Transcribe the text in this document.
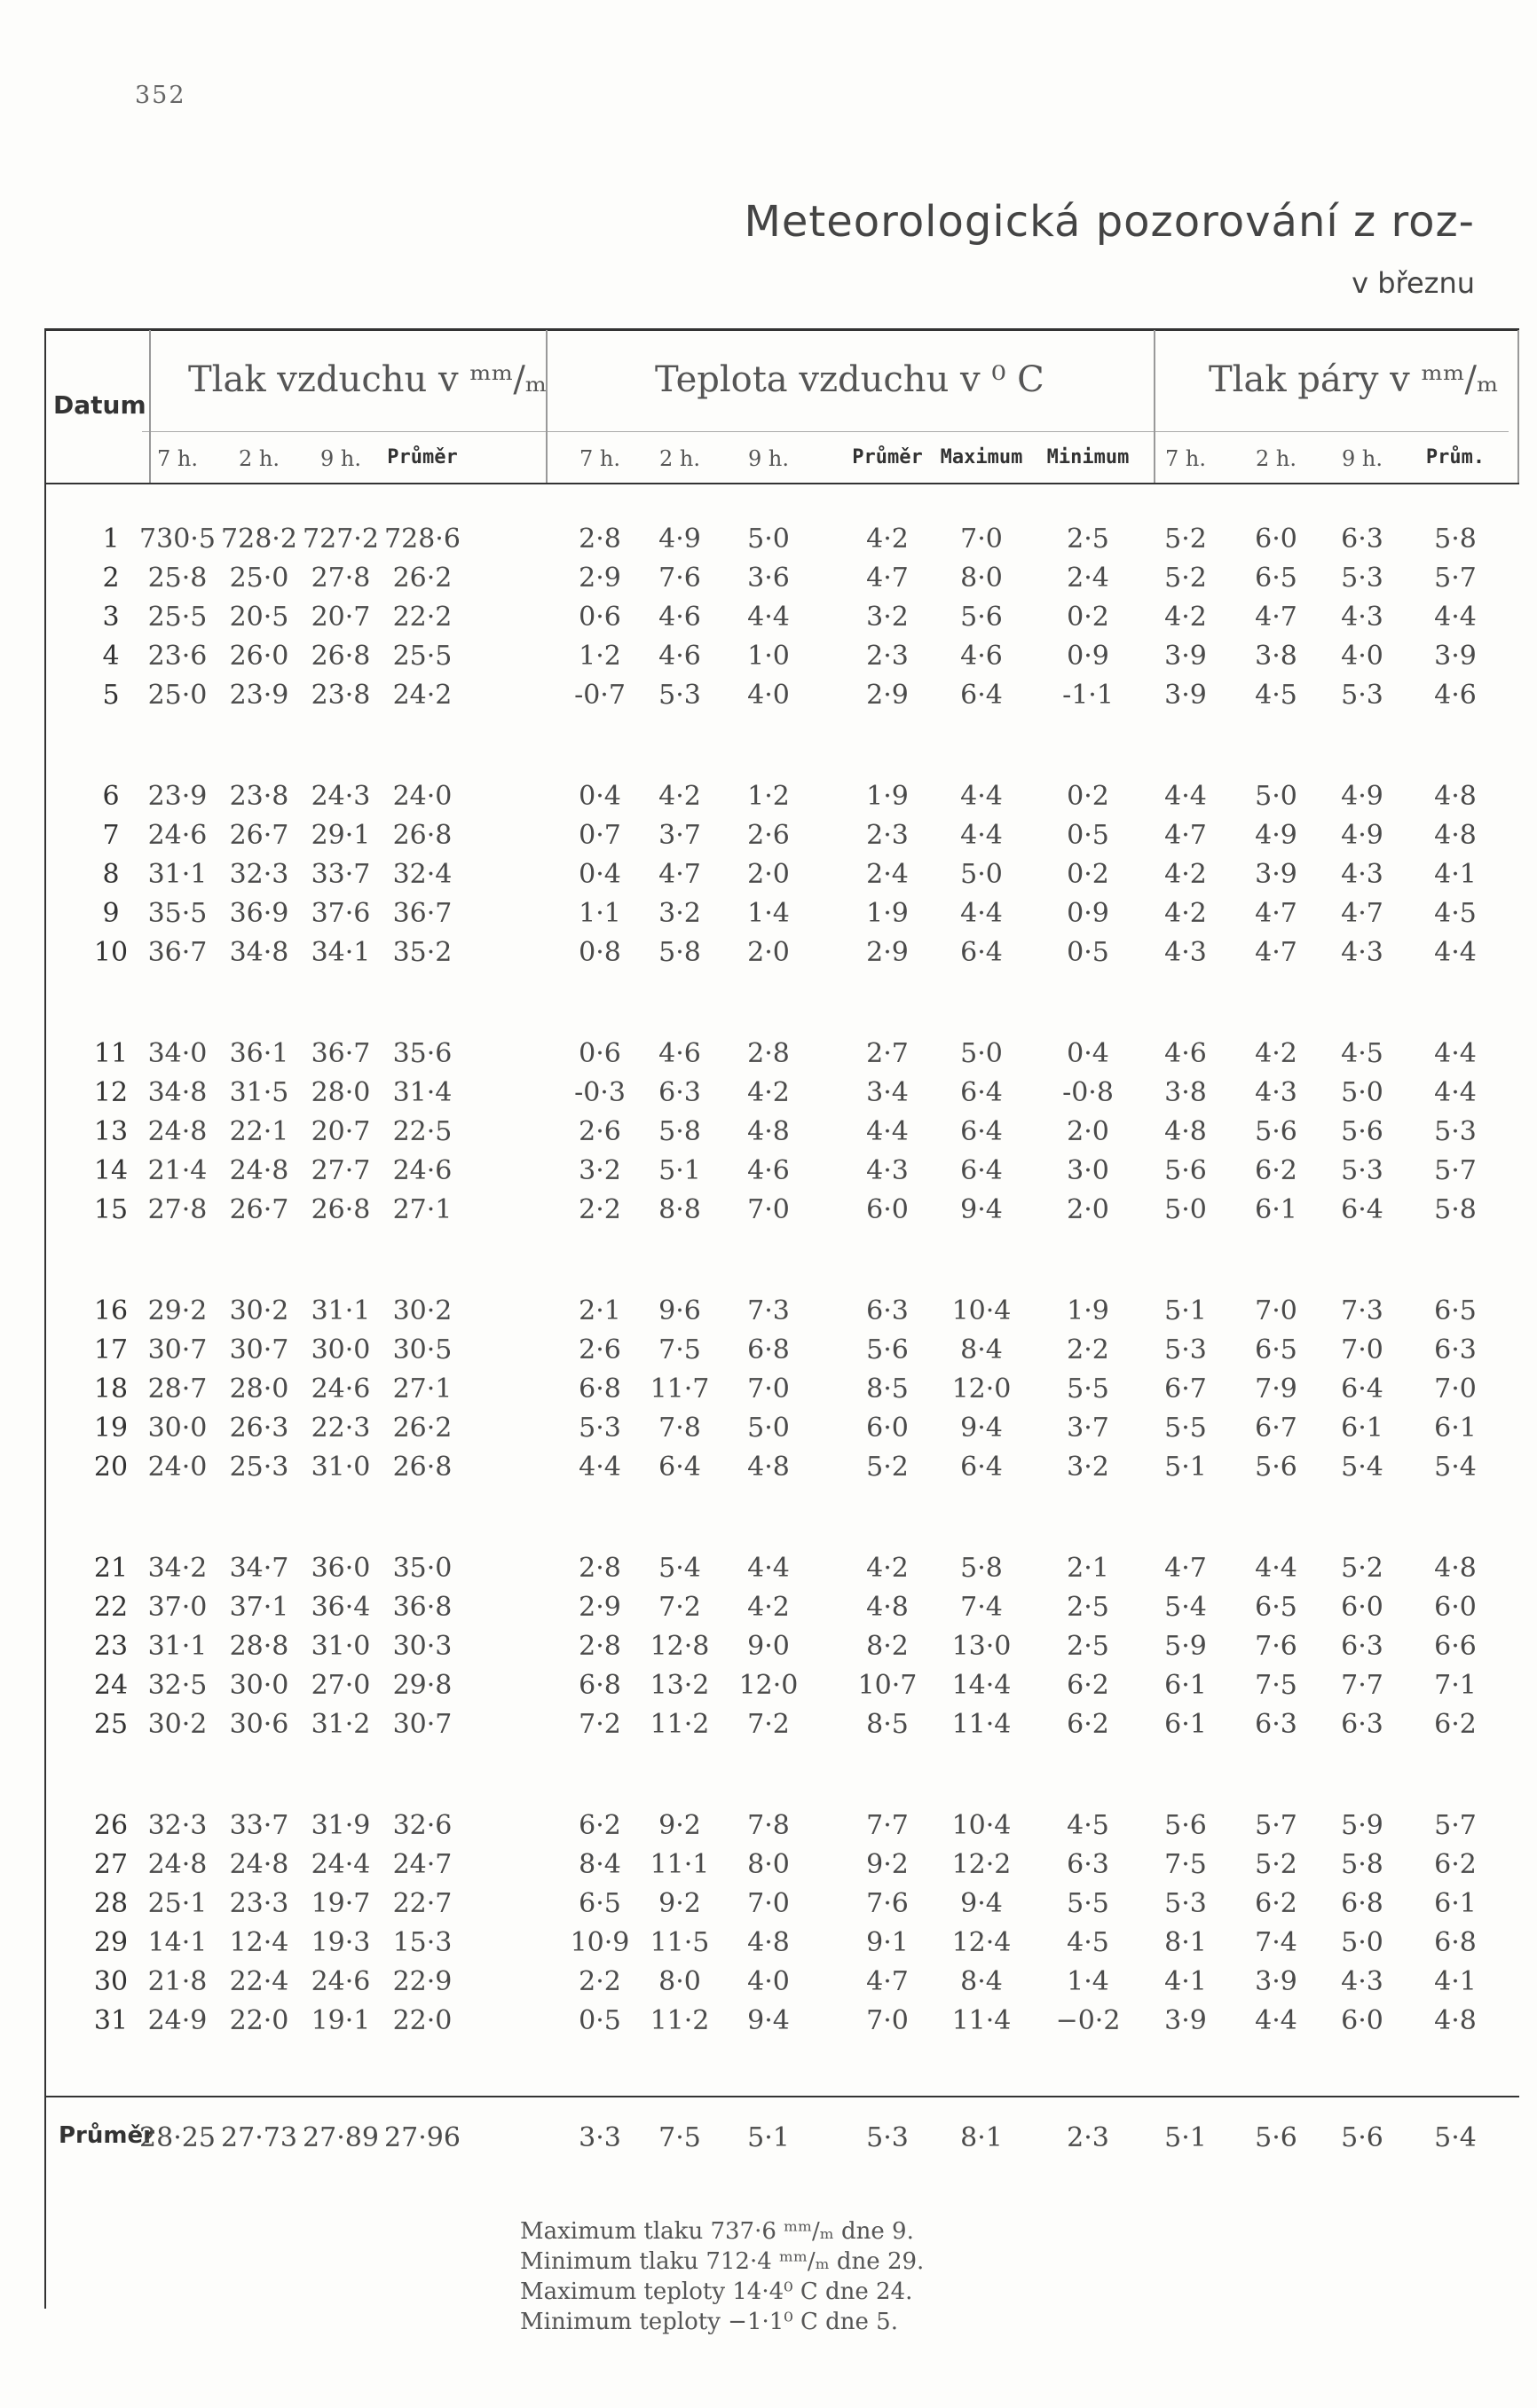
352
Meteorologická pozorování z roz-
v březnu
Datum
Tlak vzduchu v ᵐᵐ/ₘ	Teplota vzduchu v ⁰ C	Tlak páry v ᵐᵐ/ₘ
7 h.	2 h.	9 h.	Průměr	7 h.	2 h.	9 h.	Průměr Maximum	Minimum	7 h.	2 h.	9 h.	Prům.
1 730·5 728·2 727·2 728·6	2·8	4·9	5·0	4·2	7·0	2·5	5·2	6·0	6·3	5·8
2	25·8 25·0 27·8 26·2	2·9	7·6	3·6	4·7	8·0	2·4	5·2	6·5	5·3	5·7
3	25·5 20·5 20·7 22·2	0·6	4·6	4·4	3·2	5·6	0·2	4·2	4·7	4·3	4·4
4	23·6 26·0 26·8 25·5	1·2	4·6	1·0	2·3	4·6	0·9	3·9	3·8	4·0	3·9
5	25·0 23·9 23·8 24·2	-0·7	5·3	4·0	2·9	6·4	-1·1	3·9	4·5	5·3	4·6
6	23·9 23·8 24·3 24·0	0·4	4·2	1·2	1·9	4·4	0·2	4·4	5·0	4·9	4·8
7	24·6 26·7 29·1 26·8	0·7	3·7	2·6	2·3	4·4	0·5	4·7	4·9	4·9	4·8
8	31·1 32·3 33·7 32·4	0·4	4·7	2·0	2·4	5·0	0·2	4·2	3·9	4·3	4·1
9	35·5 36·9 37·6 36·7	1·1	3·2	1·4	1·9	4·4	0·9	4·2	4·7	4·7	4·5
10 36·7 34·8 34·1 35·2	0·8	5·8	2·0	2·9	6·4	0·5	4·3	4·7	4·3	4·4
11 34·0 36·1 36·7 35·6	0·6	4·6	2·8	2·7	5·0	0·4	4·6	4·2	4·5	4·4
12 34·8 31·5 28·0 31·4	-0·3	6·3	4·2	3·4	6·4	-0·8	3·8	4·3	5·0	4·4
13 24·8 22·1 20·7 22·5	2·6	5·8	4·8	4·4	6·4	2·0	4·8	5·6	5·6	5·3
14 21·4 24·8 27·7 24·6	3·2	5·1	4·6	4·3	6·4	3·0	5·6	6·2	5·3	5·7
15 27·8 26·7 26·8 27·1	2·2	8·8	7·0	6·0	9·4	2·0	5·0	6·1	6·4	5·8
16 29·2 30·2 31·1 30·2	2·1	9·6	7·3	6·3	10·4	1·9	5·1	7·0	7·3	6·5
17 30·7 30·7 30·0 30·5	2·6	7·5	6·8	5·6	8·4	2·2	5·3	6·5	7·0	6·3
18 28·7 28·0 24·6 27·1	6·8	11·7	7·0	8·5	12·0	5·5	6·7	7·9	6·4	7·0
19 30·0 26·3 22·3 26·2	5·3	7·8	5·0	6·0	9·4	3·7	5·5	6·7	6·1	6·1
20 24·0 25·3 31·0 26·8	4·4	6·4	4·8	5·2	6·4	3·2	5·1	5·6	5·4	5·4
21 34·2 34·7 36·0 35·0	2·8	5·4	4·4	4·2	5·8	2·1	4·7	4·4	5·2	4·8
22 37·0 37·1 36·4 36·8	2·9	7·2	4·2	4·8	7·4	2·5	5·4	6·5	6·0	6·0
23 31·1 28·8 31·0 30·3	2·8	12·8	9·0	8·2	13·0	2·5	5·9	7·6	6·3	6·6
24 32·5 30·0 27·0 29·8	6·8	13·2	12·0	10·7	14·4	6·2	6·1	7·5	7·7	7·1
25 30·2 30·6 31·2 30·7	7·2	11·2	7·2	8·5	11·4	6·2	6·1	6·3	6·3	6·2
26 32·3 33·7 31·9 32·6	6·2	9·2	7·8	7·7	10·4	4·5	5·6	5·7	5·9	5·7
27 24·8 24·8 24·4 24·7	8·4	11·1	8·0	9·2	12·2	6·3	7·5	5·2	5·8	6·2
28 25·1 23·3 19·7 22·7	6·5	9·2	7·0	7·6	9·4	5·5	5·3	6·2	6·8	6·1
29 14·1 12·4 19·3 15·3	10·9 11·5	4·8	9·1	12·4	4·5	8·1	7·4	5·0	6·8
30 21·8 22·4 24·6 22·9	2·2	8·0	4·0	4·7	8·4	1·4	4·1	3·9	4·3	4·1
31 24·9 22·0 19·1 22·0	0·5	11·2	9·4	7·0	11·4	−0·2	3·9	4·4	6·0	4·8
Průměr
28·25 27·73 27·89 27·96	3·3	7·5	5·1	5·3	8·1	2·3	5·1	5·6	5·6	5·4
Maximum tlaku 737·6 ᵐᵐ/ₘ dne 9.
Minimum tlaku 712·4 ᵐᵐ/ₘ dne 29.
Maximum teploty 14·4⁰ C dne 24.
Minimum teploty −1·1⁰ C dne 5.
